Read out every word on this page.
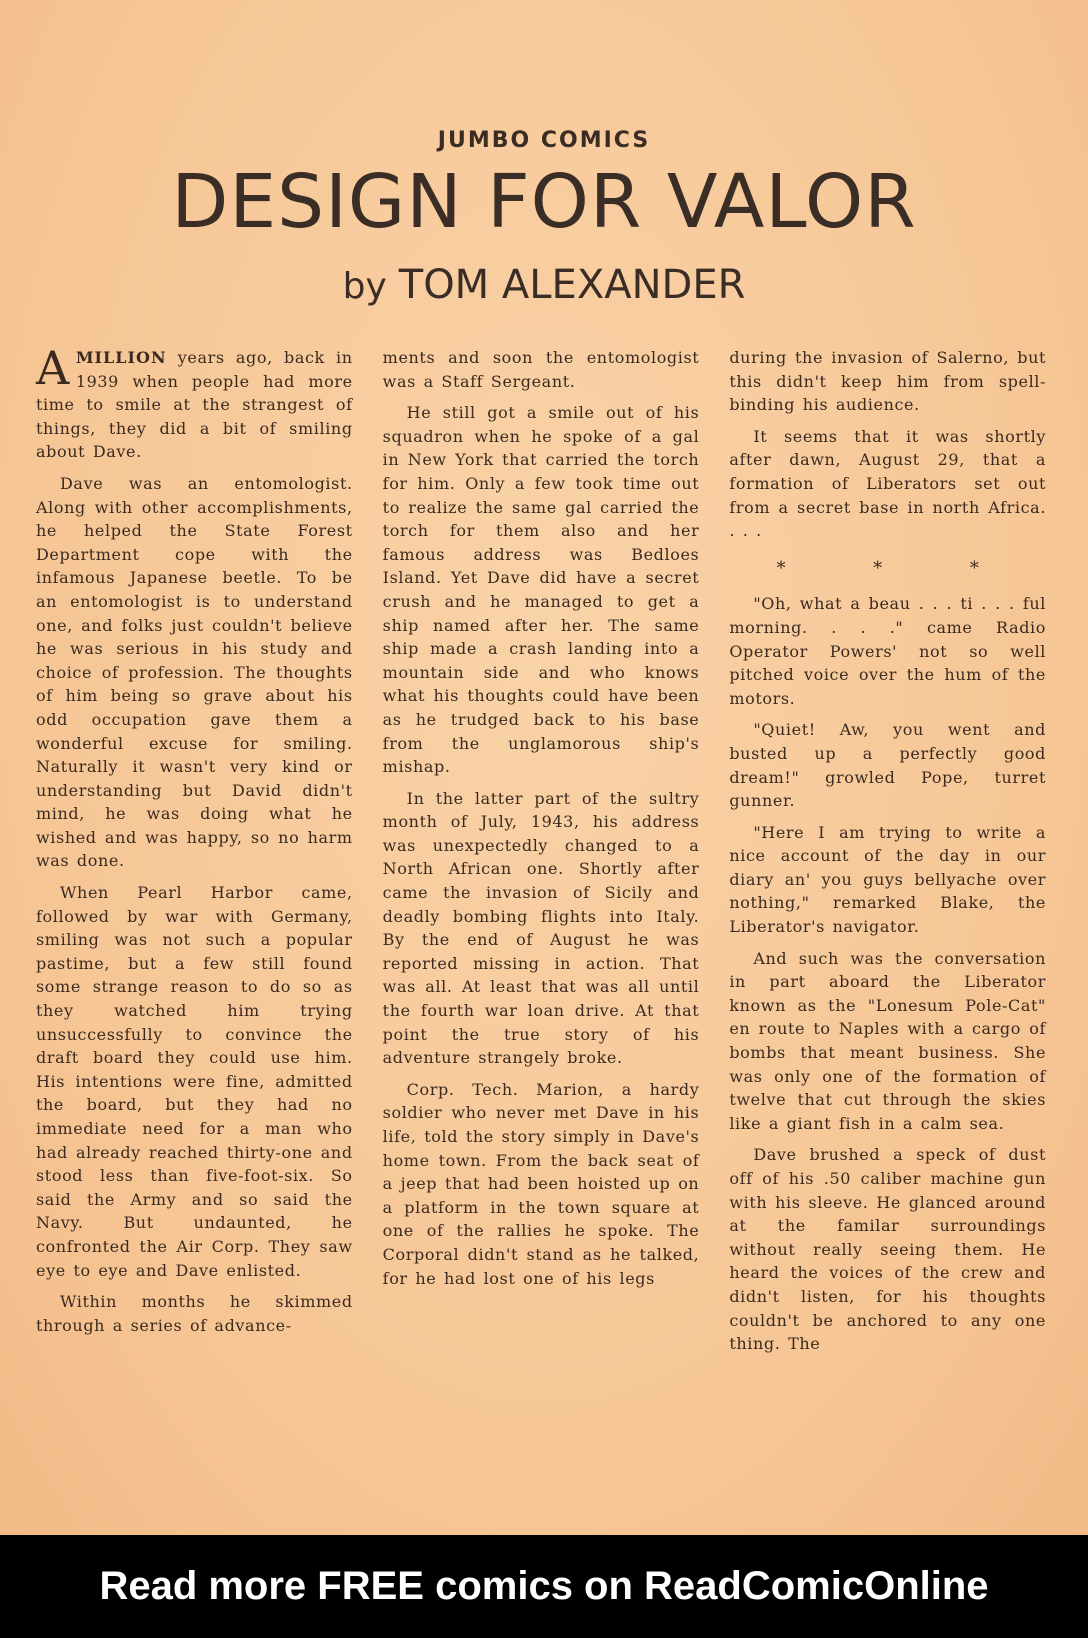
JUMBO COMICS
DESIGN FOR VALOR
by TOM ALEXANDER

AMILLION years ago, back in 1939 when people had more time to smile at the strangest of things, they did a bit of smiling about Dave.

Dave was an entomologist. Along with other accomplishments, he helped the State Forest Department cope with the infamous Japanese beetle. To be an entomologist is to understand one, and folks just couldn't believe he was serious in his study and choice of profession. The thoughts of him being so grave about his odd occupation gave them a wonderful excuse for smiling. Naturally it wasn't very kind or understanding but David didn't mind, he was doing what he wished and was happy, so no harm was done.

When Pearl Harbor came, followed by war with Germany, smiling was not such a popular pastime, but a few still found some strange reason to do so as they watched him trying unsuccessfully to convince the draft board they could use him. His intentions were fine, admitted the board, but they had no immediate need for a man who had already reached thirty-one and stood less than five-foot-six. So said the Army and so said the Navy. But undaunted, he confronted the Air Corp. They saw eye to eye and Dave enlisted.

Within months he skimmed through a series of advance-

ments and soon the entomologist was a Staff Sergeant.

He still got a smile out of his squadron when he spoke of a gal in New York that carried the torch for him. Only a few took time out to realize the same gal carried the torch for them also and her famous address was Bedloes Island. Yet Dave did have a secret crush and he managed to get a ship named after her. The same ship made a crash landing into a mountain side and who knows what his thoughts could have been as he trudged back to his base from the unglamorous ship's mishap.

In the latter part of the sultry month of July, 1943, his address was unexpectedly changed to a North African one. Shortly after came the invasion of Sicily and deadly bombing flights into Italy. By the end of August he was reported missing in action. That was all. At least that was all until the fourth war loan drive. At that point the true story of his adventure strangely broke.

Corp. Tech. Marion, a hardy soldier who never met Dave in his life, told the story simply in Dave's home town. From the back seat of a jeep that had been hoisted up on a platform in the town square at one of the rallies he spoke. The Corporal didn't stand as he talked, for he had lost one of his legs

during the invasion of Salerno, but this didn't keep him from spell-binding his audience.

It seems that it was shortly after dawn, August 29, that a formation of Liberators set out from a secret base in north Africa. . . .

* * *

"Oh, what a beau . . . ti . . . ful morning. . . ." came Radio Operator Powers' not so well pitched voice over the hum of the motors.

"Quiet! Aw, you went and busted up a perfectly good dream!" growled Pope, turret gunner.

"Here I am trying to write a nice account of the day in our diary an' you guys bellyache over nothing," remarked Blake, the Liberator's navigator.

And such was the conversation in part aboard the Liberator known as the "Lonesum Pole-Cat" en route to Naples with a cargo of bombs that meant business. She was only one of the formation of twelve that cut through the skies like a giant fish in a calm sea.

Dave brushed a speck of dust off of his .50 caliber machine gun with his sleeve. He glanced around at the familar surroundings without really seeing them. He heard the voices of the crew and didn't listen, for his thoughts couldn't be anchored to any one thing. The

Read more FREE comics on ReadComicOnline
